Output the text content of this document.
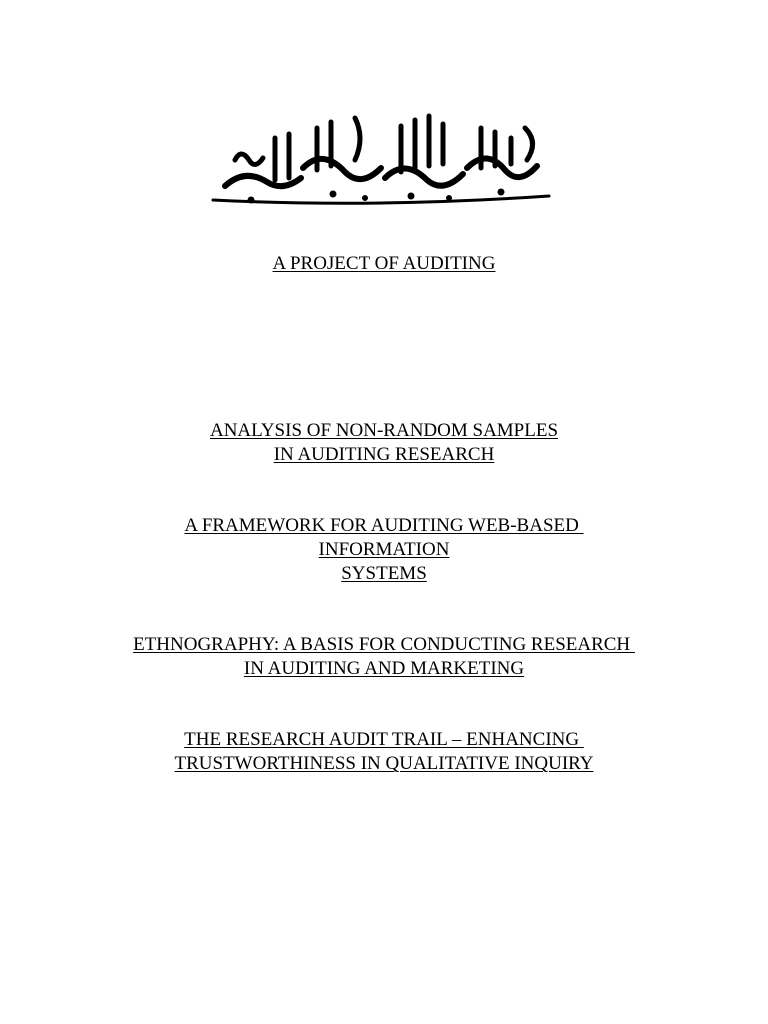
A PROJECT OF AUDITING
ANALYSIS OF NON-RANDOM SAMPLES
IN AUDITING RESEARCH
A FRAMEWORK FOR AUDITING WEB-BASED
INFORMATION
SYSTEMS
ETHNOGRAPHY: A BASIS FOR CONDUCTING RESEARCH
IN AUDITING AND MARKETING
THE RESEARCH AUDIT TRAIL – ENHANCING
TRUSTWORTHINESS IN QUALITATIVE INQUIRY
